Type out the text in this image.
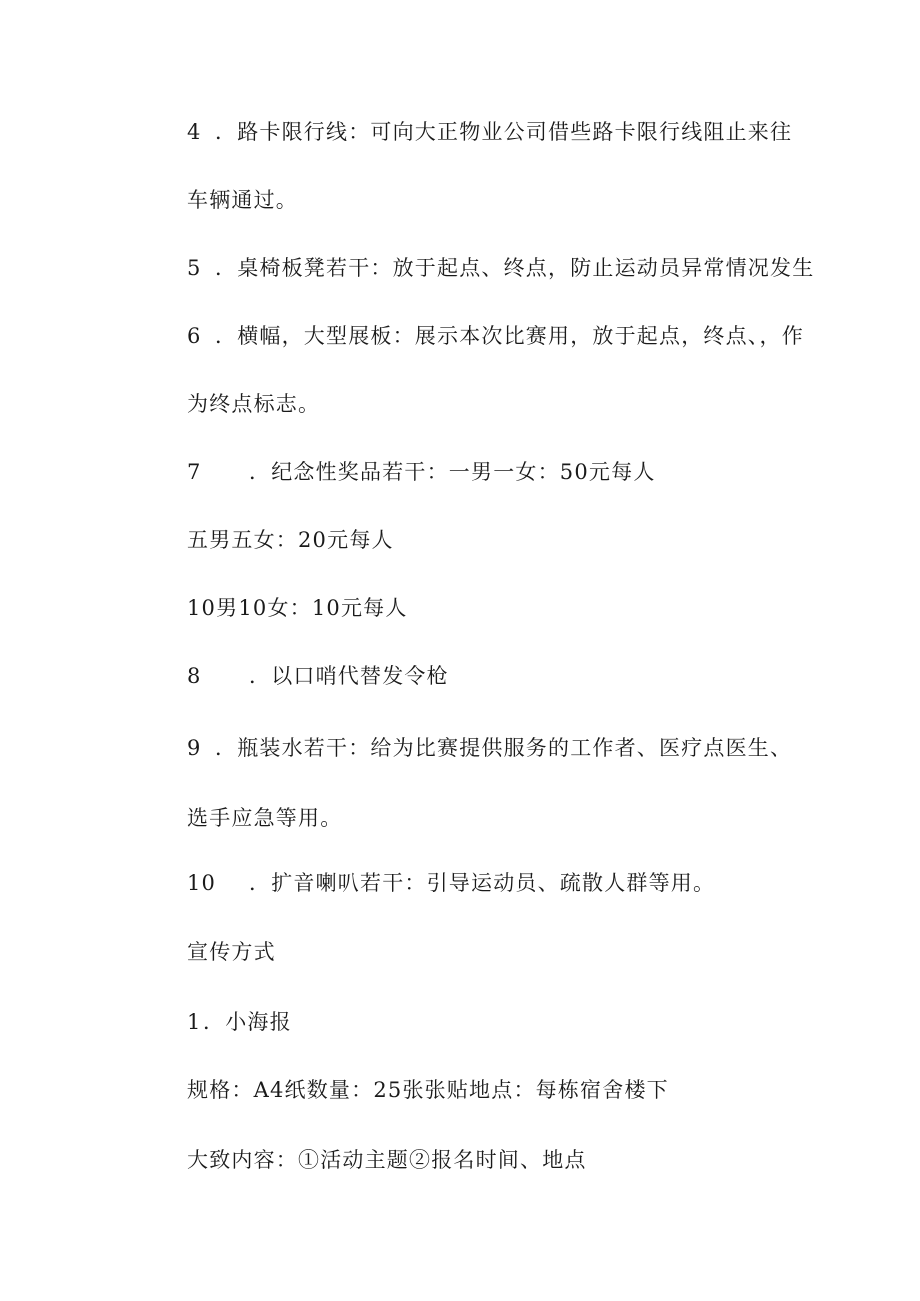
4 ．路卡限行线：可向大正物业公司借些路卡限行线阻止来往
车辆通过。
5 ．桌椅板凳若干：放于起点、终点，防止运动员异常情况发生
6 ．横幅，大型展板：展示本次比赛用，放于起点，终点、，作
为终点标志。
7 ．纪念性奖品若干：一男一女：50元每人
五男五女：20元每人
10男10女：10元每人
8 ．以口哨代替发令枪
9 ．瓶装水若干：给为比赛提供服务的工作者、医疗点医生、
选手应急等用。
10 ．扩音喇叭若干：引导运动员、疏散人群等用。
宣传方式
1．小海报
规格：A4纸数量：25张张贴地点：每栋宿舍楼下
大致内容：①活动主题②报名时间、地点
